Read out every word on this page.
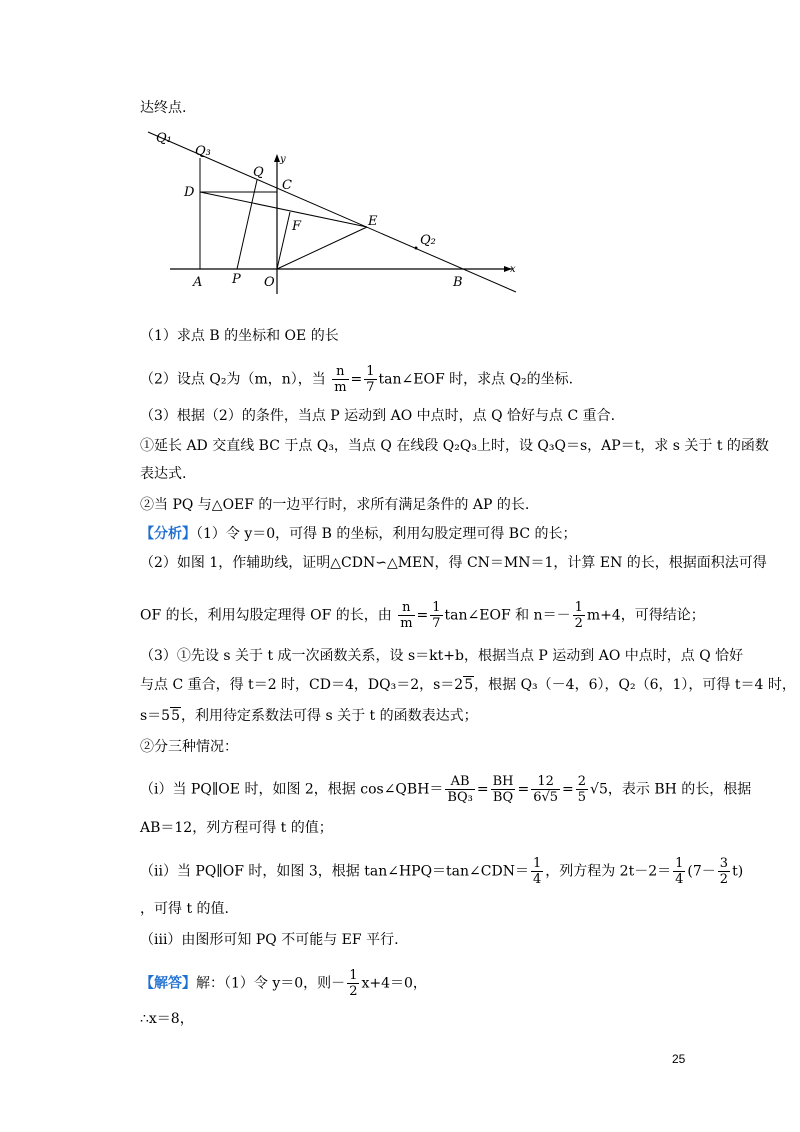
达终点.
Q₁
Q₃
Q
C
D
y
F	E
Q₂
A P O	B
x
（1）求点 B 的坐标和 OE 的长
（2）设点 Q₂为（m，n），当 $\frac{n}{m} = \frac{1}{7}$ tan∠EOF 时，求点 Q₂的坐标.
（3）根据（2）的条件，当点 P 运动到 AO 中点时，点 Q 恰好与点 C 重合.
①延长 AD 交直线 BC 于点 Q₃，当点 Q 在线段 Q₂Q₃上时，设 Q₃Q＝s，AP＝t，求 s 关于 t 的函数
表达式.
②当 PQ 与△OEF 的一边平行时，求所有满足条件的 AP 的长.
【分析】（1）令 y＝0，可得 B 的坐标，利用勾股定理可得 BC 的长；
（2）如图 1，作辅助线，证明△CDN∽△MEN，得 CN＝MN＝1，计算 EN 的长，根据面积法可得
OF 的长，利用勾股定理得 OF 的长，由 $\frac{n}{m} = \frac{1}{7}$ tan∠EOF 和 $n=- \frac{1}{2} m+4$，可得结论；
（3）①先设 s 关于 t 成一次函数关系，设 s＝kt+b，根据当点 P 运动到 AO 中点时，点 Q 恰好
与点 C 重合，得 t＝2 时，CD＝4，DQ₃＝2，s＝25，根据 Q₃（－4，6），Q₂（6，1），可得 t＝4 时，
s＝55，利用待定系数法可得 s 关于 t 的函数表达式；
②分三种情况：
（i）当 PQ∥OE 时，如图 2，根据 cos∠QBH＝ $\frac{AB}{\text{BQ₃}} = \frac{BH}{BQ} = \frac{12}{6√5} = \frac{2}{5} √5$，表示 BH 的长，根据
AB＝12，列方程可得 t 的值；
（ii）当 PQ∥OF 时，如图 3，根据 tan∠HPQ＝tan∠CDN＝ $\frac{1}{4}$ ，列方程为 $2t-2= \frac{1}{4} (7- \frac{3}{2} t)$
，可得 t 的值.
（iii）由图形可知 PQ 不可能与 EF 平行.
【解答】解：（1）令 y＝0，则－ $\frac{1}{2} x+4=0$，
∴x＝8，
25
